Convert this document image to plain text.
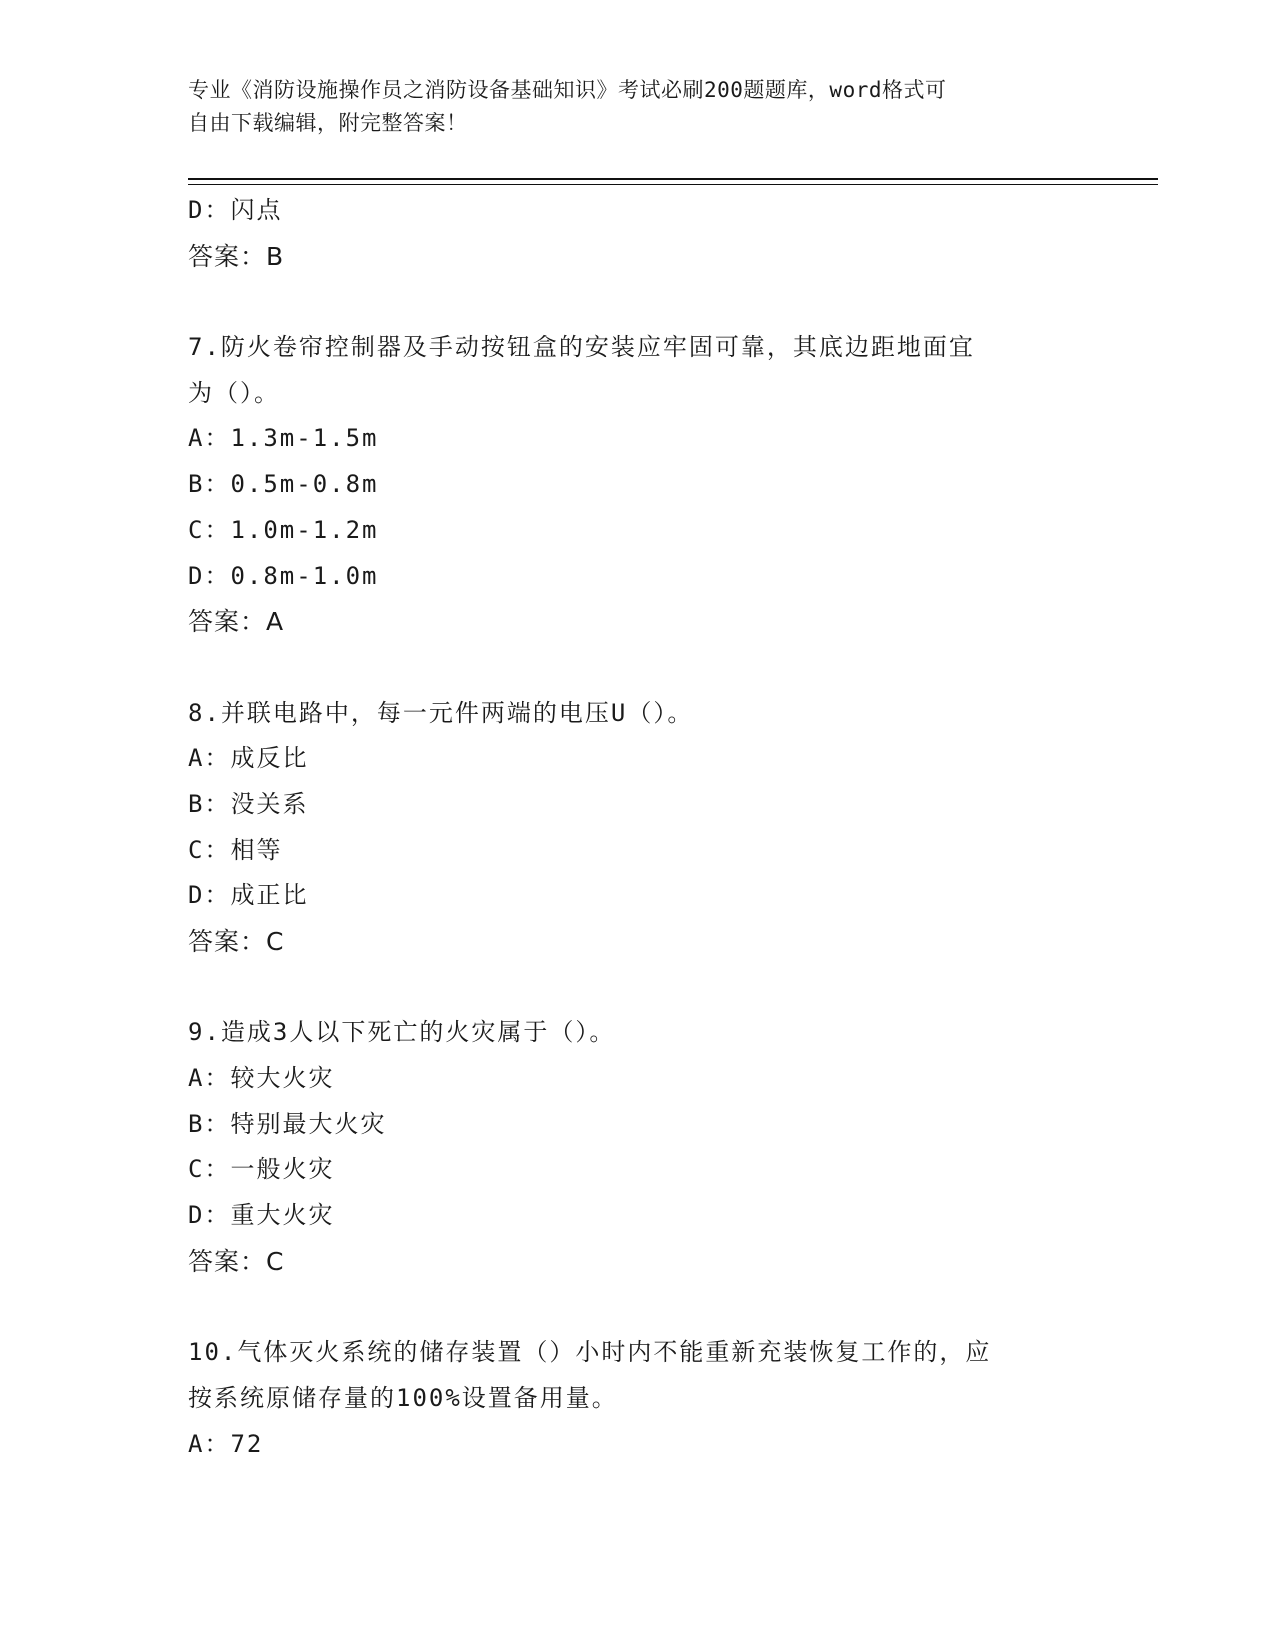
专业《消防设施操作员之消防设备基础知识》考试必刷200题题库，word格式可
自由下载编辑，附完整答案！
D：闪点
答案：B
7.防火卷帘控制器及手动按钮盒的安装应牢固可靠，其底边距地面宜
为（）。
A：1.3m-1.5m
B：0.5m-0.8m
C：1.0m-1.2m
D：0.8m-1.0m
答案：A
8.并联电路中，每一元件两端的电压U（）。
A：成反比
B：没关系
C：相等
D：成正比
答案：C
9.造成3人以下死亡的火灾属于（）。
A：较大火灾
B：特别最大火灾
C：一般火灾
D：重大火灾
答案：C
10.气体灭火系统的储存装置（）小时内不能重新充装恢复工作的，应
按系统原储存量的100%设置备用量。
A：72
